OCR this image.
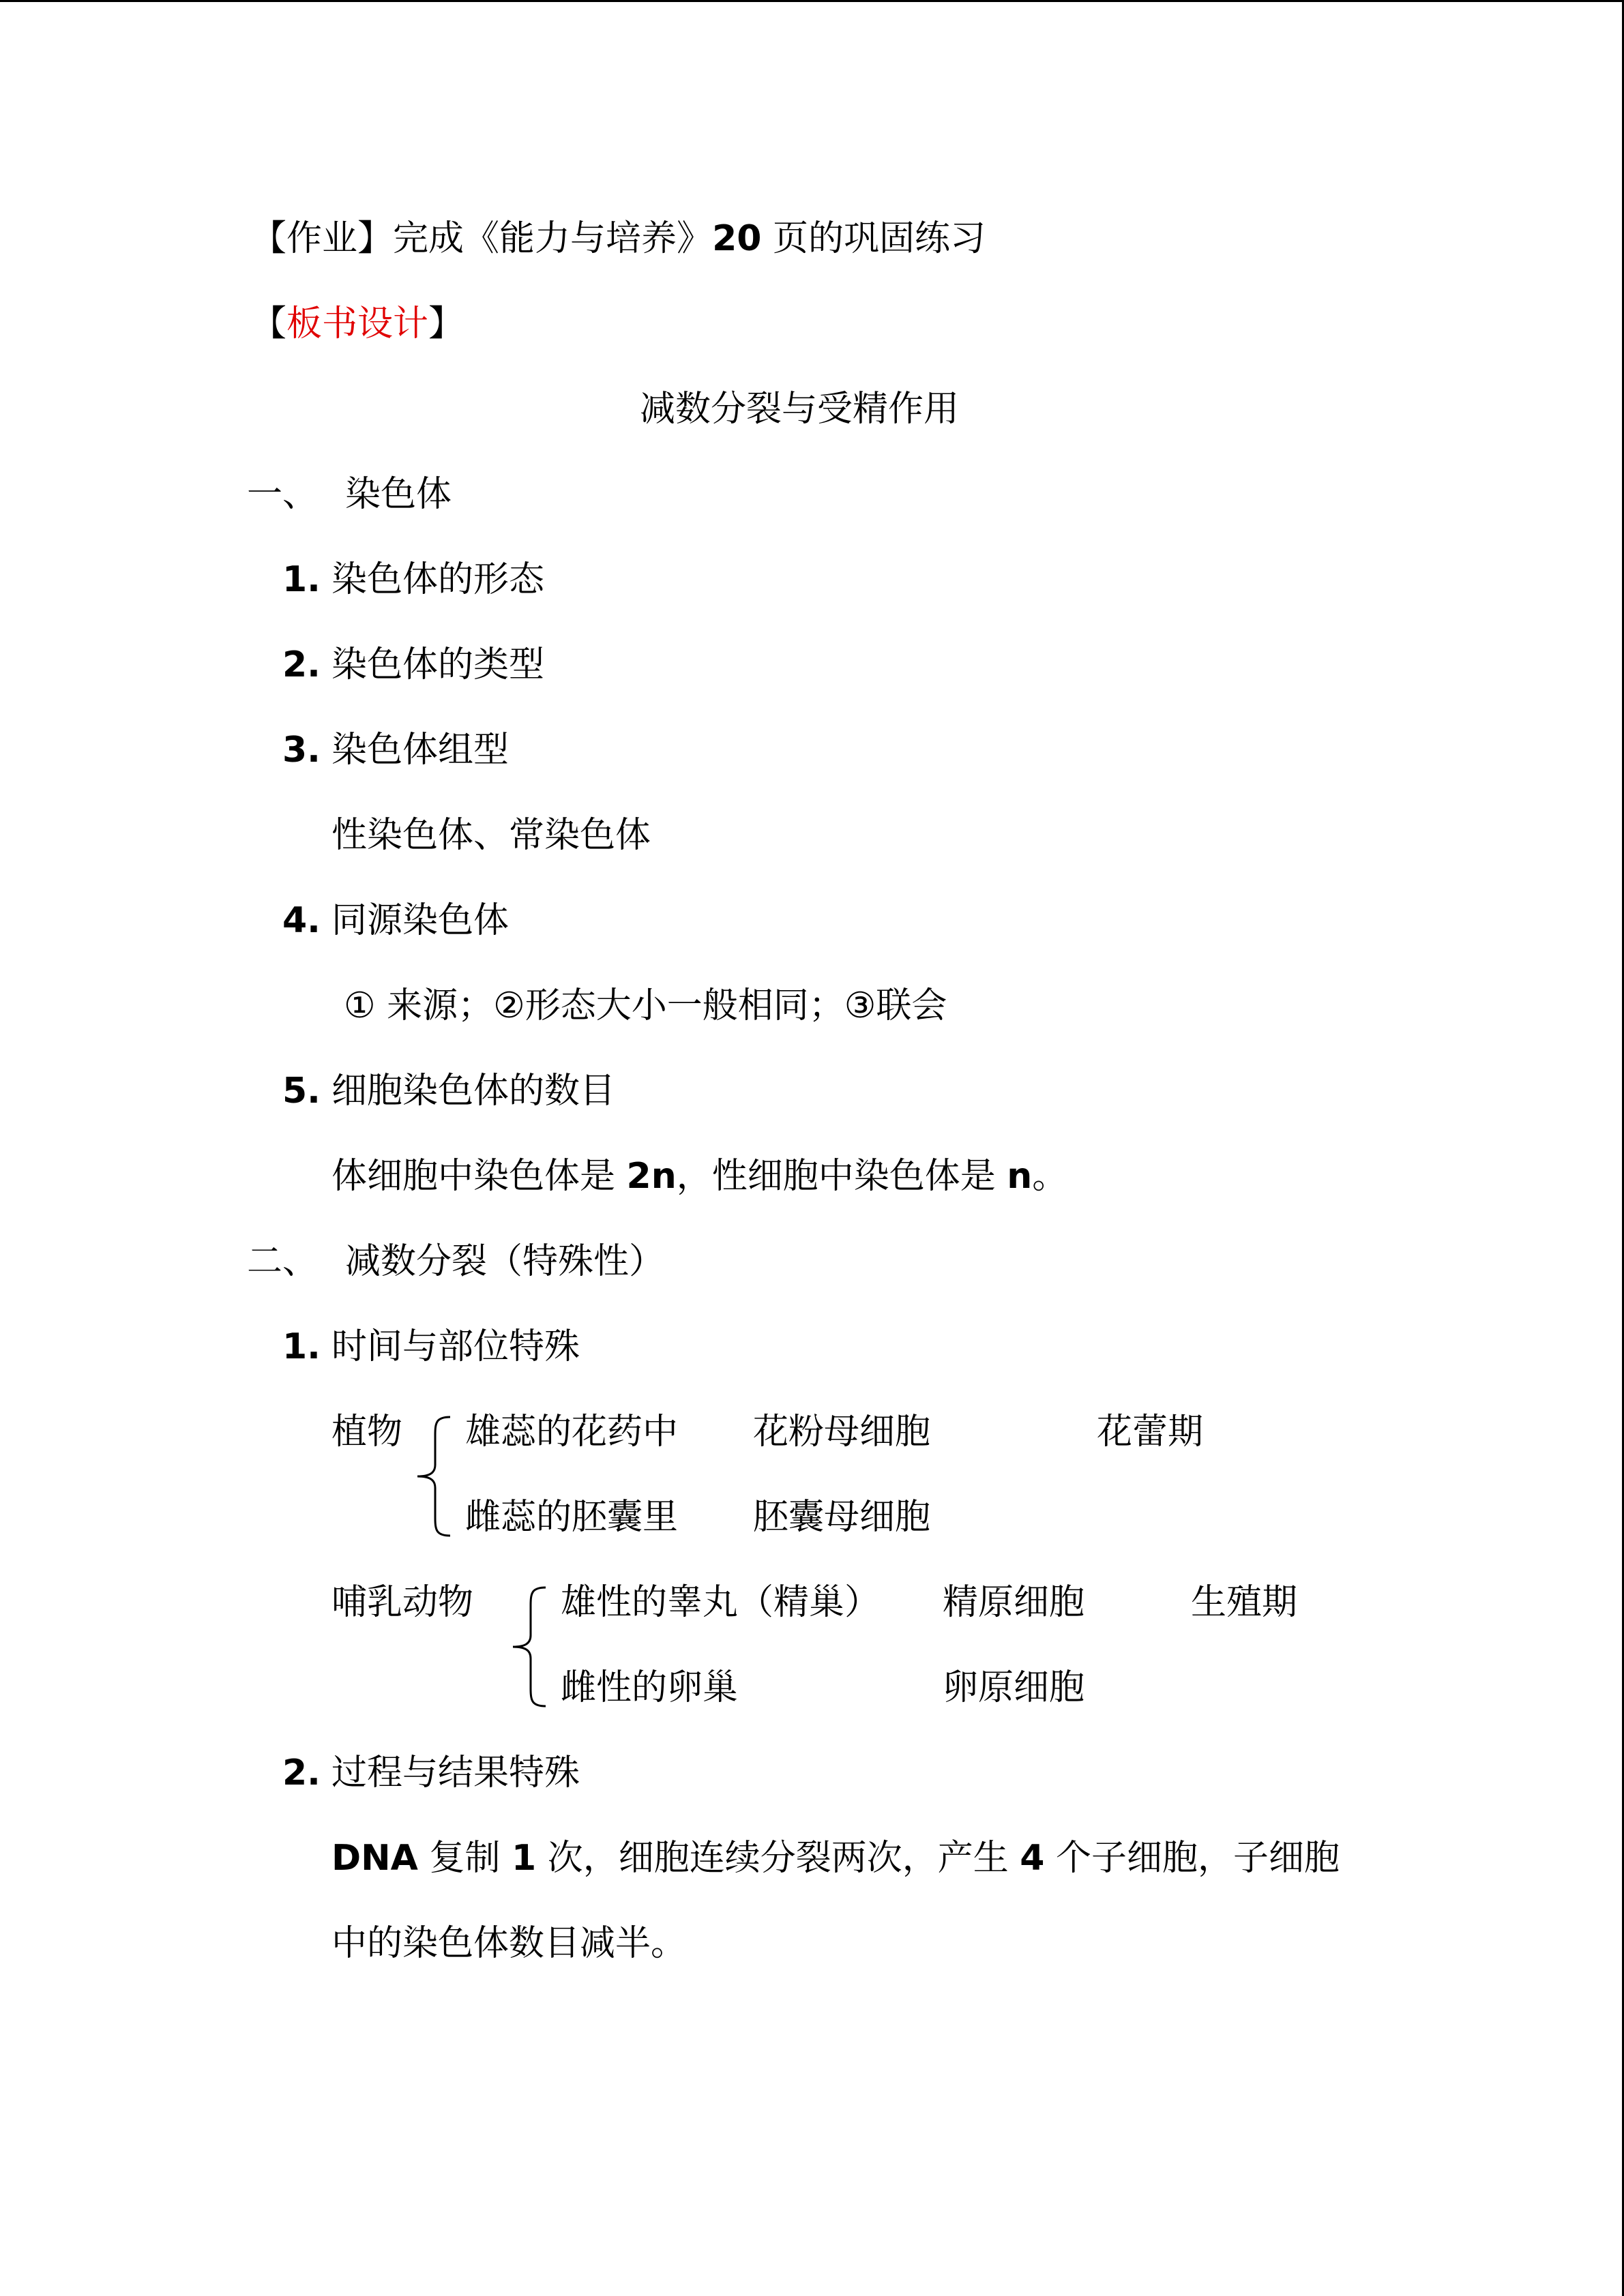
【作业】完成《能力与培养》20 页的巩固练习
【板书设计】
减数分裂与受精作用
一、 染色体
1. 染色体的形态
2. 染色体的类型
3. 染色体组型
性染色体、常染色体
4. 同源染色体
① 来源；②形态大小一般相同；③联会
5. 细胞染色体的数目
体细胞中染色体是 2n，性细胞中染色体是 n。
二、 减数分裂（特殊性）
1. 时间与部位特殊
植物 雄蕊的花药中 花粉母细胞	花蕾期
雌蕊的胚囊里 胚囊母细胞
哺乳动物 雄性的睾丸（精巢） 精原细胞	生殖期
雌性的卵巢	卵原细胞
2. 过程与结果特殊
DNA 复制 1 次，细胞连续分裂两次，产生 4 个子细胞，子细胞
中的染色体数目减半。
